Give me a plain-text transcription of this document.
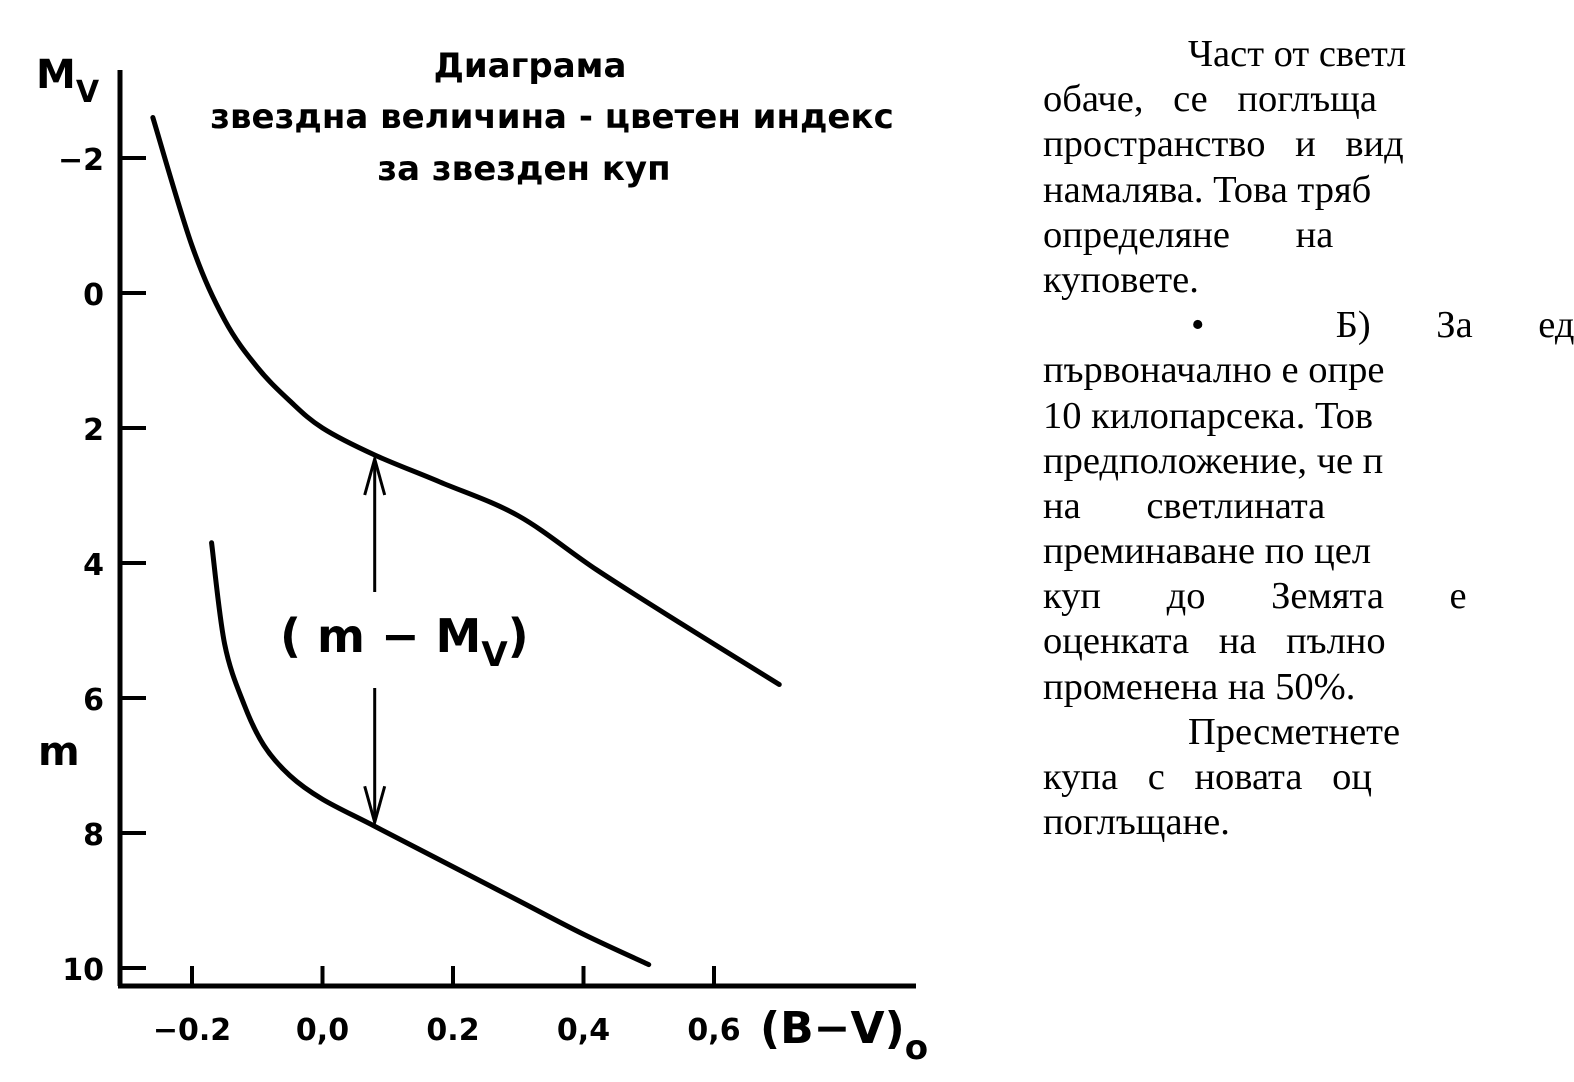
Диаграма
звездна величина - цветен индекс
за звезден куп
$M_V$
m
$(B-V)_o$
−0.2 0,0	0.2	0,4	0,6
−2
0
2
4
6
8
10
( $m - M_V$)
Част от светл
обаче, се поглъща
пространство и вид
намалява. Това тряб
определяне на
куповете.
•	Б) За ед
първоначално е опре
10 килопарсека. Тов
предположение, че п
на светлината
преминаване по цел
куп до Земята е
оценката на пълно
променена на 50%.
Пресметнете
купа с новата оц
поглъщане.
